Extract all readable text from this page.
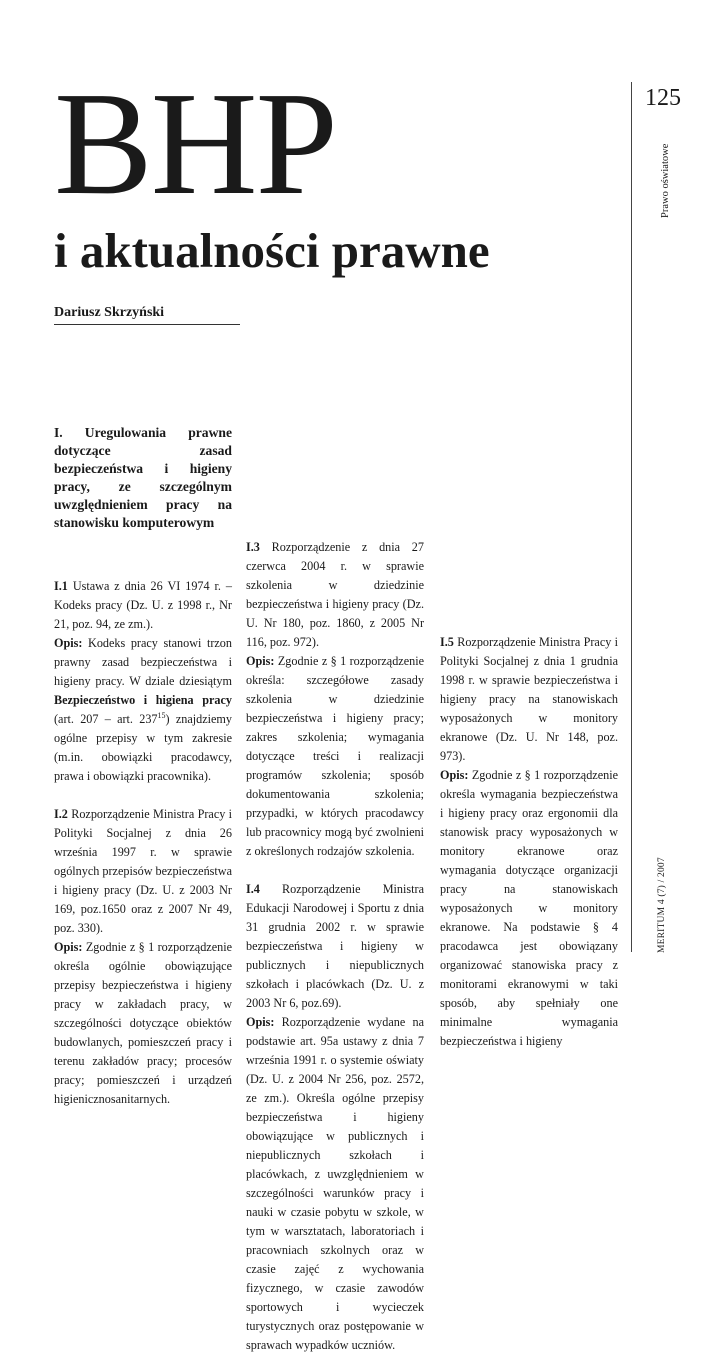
BHP
i aktualności prawne
Dariusz Skrzyński
125
Prawo oświatowe
MERITUM 4 (7) / 2007

I. Uregulowania prawne dotyczące zasad bezpieczeństwa i higieny pracy, ze szczególnym uwzględnieniem pracy na stanowisku komputerowym

I.1 Ustawa z dnia 26 VI 1974 r. – Kodeks pracy (Dz. U. z 1998 r., Nr 21, poz. 94, ze zm.).

Opis: Kodeks pracy stanowi trzon prawny zasad bezpieczeństwa i higieny pracy. W dziale dziesiątym Bezpieczeństwo i higiena pracy (art. 207 – art. $237^{15}$) znajdziemy ogólne przepisy w tym zakresie (m.in. obowiązki pracodawcy, prawa i obowiązki pracownika).

I.2 Rozporządzenie Ministra Pracy i Polityki Socjalnej z dnia 26 września 1997 r. w sprawie ogólnych przepisów bezpieczeństwa i higieny pracy (Dz. U. z 2003 Nr 169, poz.1650 oraz z 2007 Nr 49, poz. 330).

Opis: Zgodnie z § 1 rozporządzenie określa ogólnie obowiązujące przepisy bezpieczeństwa i higieny pracy w zakładach pracy, w szczególności dotyczące obiektów budowlanych, pomieszczeń pracy i terenu zakładów pracy; procesów pracy; pomieszczeń i urządzeń higienicznosanitarnych.

I.3 Rozporządzenie z dnia 27 czerwca 2004 r. w sprawie szkolenia w dziedzinie bezpieczeństwa i higieny pracy (Dz. U. Nr 180, poz. 1860, z 2005 Nr 116, poz. 972).

Opis: Zgodnie z § 1 rozporządzenie określa: szczegółowe zasady szkolenia w dziedzinie bezpieczeństwa i higieny pracy; zakres szkolenia; wymagania dotyczące treści i realizacji programów szkolenia; sposób dokumentowania szkolenia; przypadki, w których pracodawcy lub pracownicy mogą być zwolnieni z określonych rodzajów szkolenia.

I.4 Rozporządzenie Ministra Edukacji Narodowej i Sportu z dnia 31 grudnia 2002 r. w sprawie bezpieczeństwa i higieny w publicznych i niepublicznych szkołach i placówkach (Dz. U. z 2003 Nr 6, poz.69).

Opis: Rozporządzenie wydane na podstawie art. 95a ustawy z dnia 7 września 1991 r. o systemie oświaty (Dz. U. z 2004 Nr 256, poz. 2572, ze zm.). Określa ogólne przepisy bezpieczeństwa i higieny obowiązujące w publicznych i niepublicznych szkołach i placówkach, z uwzględnieniem w szczególności warunków pracy i nauki w czasie pobytu w szkole, w tym w warsztatach, laboratoriach i pracowniach szkolnych oraz w czasie zajęć z wychowania fizycznego, w czasie zawodów sportowych i wycieczek turystycznych oraz postępowanie w sprawach wypadków uczniów.

I.5 Rozporządzenie Ministra Pracy i Polityki Socjalnej z dnia 1 grudnia 1998 r. w sprawie bezpieczeństwa i higieny pracy na stanowiskach wyposażonych w monitory ekranowe (Dz. U. Nr 148, poz. 973).

Opis: Zgodnie z § 1 rozporządzenie określa wymagania bezpieczeństwa i higieny pracy oraz ergonomii dla stanowisk pracy wyposażonych w monitory ekranowe oraz wymagania dotyczące organizacji pracy na stanowiskach wyposażonych w monitory ekranowe. Na podstawie § 4 pracodawca jest obowiązany organizować stanowiska pracy z monitorami ekranowymi w taki sposób, aby spełniały one minimalne wymagania bezpieczeństwa i higieny
